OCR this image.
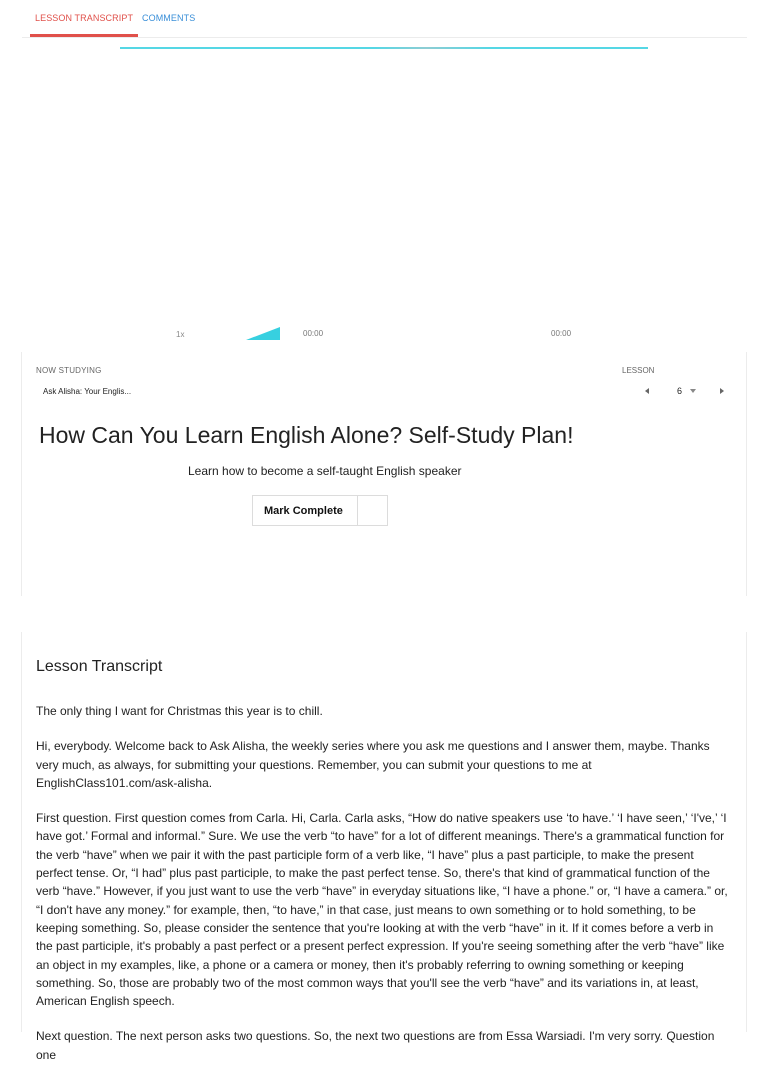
LESSON TRANSCRIPT COMMENTS
1x	00:00	00:00
NOW STUDYING
Ask Alisha: Your Englis...
LESSON
6
How Can You Learn English Alone? Self-Study Plan!

Learn how to become a self-taught English speaker

Mark Complete
Lesson Transcript

The only thing I want for Christmas this year is to chill.

Hi, everybody. Welcome back to Ask Alisha, the weekly series where you ask me questions and I answer them, maybe. Thanks very much, as always, for submitting your questions. Remember, you can submit your questions to me at EnglishClass101.com/ask-alisha.

First question. First question comes from Carla. Hi, Carla. Carla asks, “How do native speakers use ‘to have.’ ‘I have seen,’ ‘I've,’ ‘I have got.’ Formal and informal.” Sure. We use the verb “to have” for a lot of different meanings. There's a grammatical function for the verb “have” when we pair it with the past participle form of a verb like, “I have” plus a past participle, to make the present perfect tense. Or, “I had” plus past participle, to make the past perfect tense. So, there's that kind of grammatical function of the verb “have.” However, if you just want to use the verb “have” in everyday situations like, “I have a phone.” or, “I have a camera.” or, “I don't have any money.” for example, then, “to have,” in that case, just means to own something or to hold something, to be keeping something. So, please consider the sentence that you're looking at with the verb “have” in it. If it comes before a verb in the past participle, it's probably a past perfect or a present perfect expression. If you're seeing something after the verb “have” like an object in my examples, like, a phone or a camera or money, then it's probably referring to owning something or keeping something. So, those are probably two of the most common ways that you'll see the verb “have” and its variations in, at least, American English speech.

Next question. The next person asks two questions. So, the next two questions are from Essa Warsiadi. I'm very sorry. Question one
